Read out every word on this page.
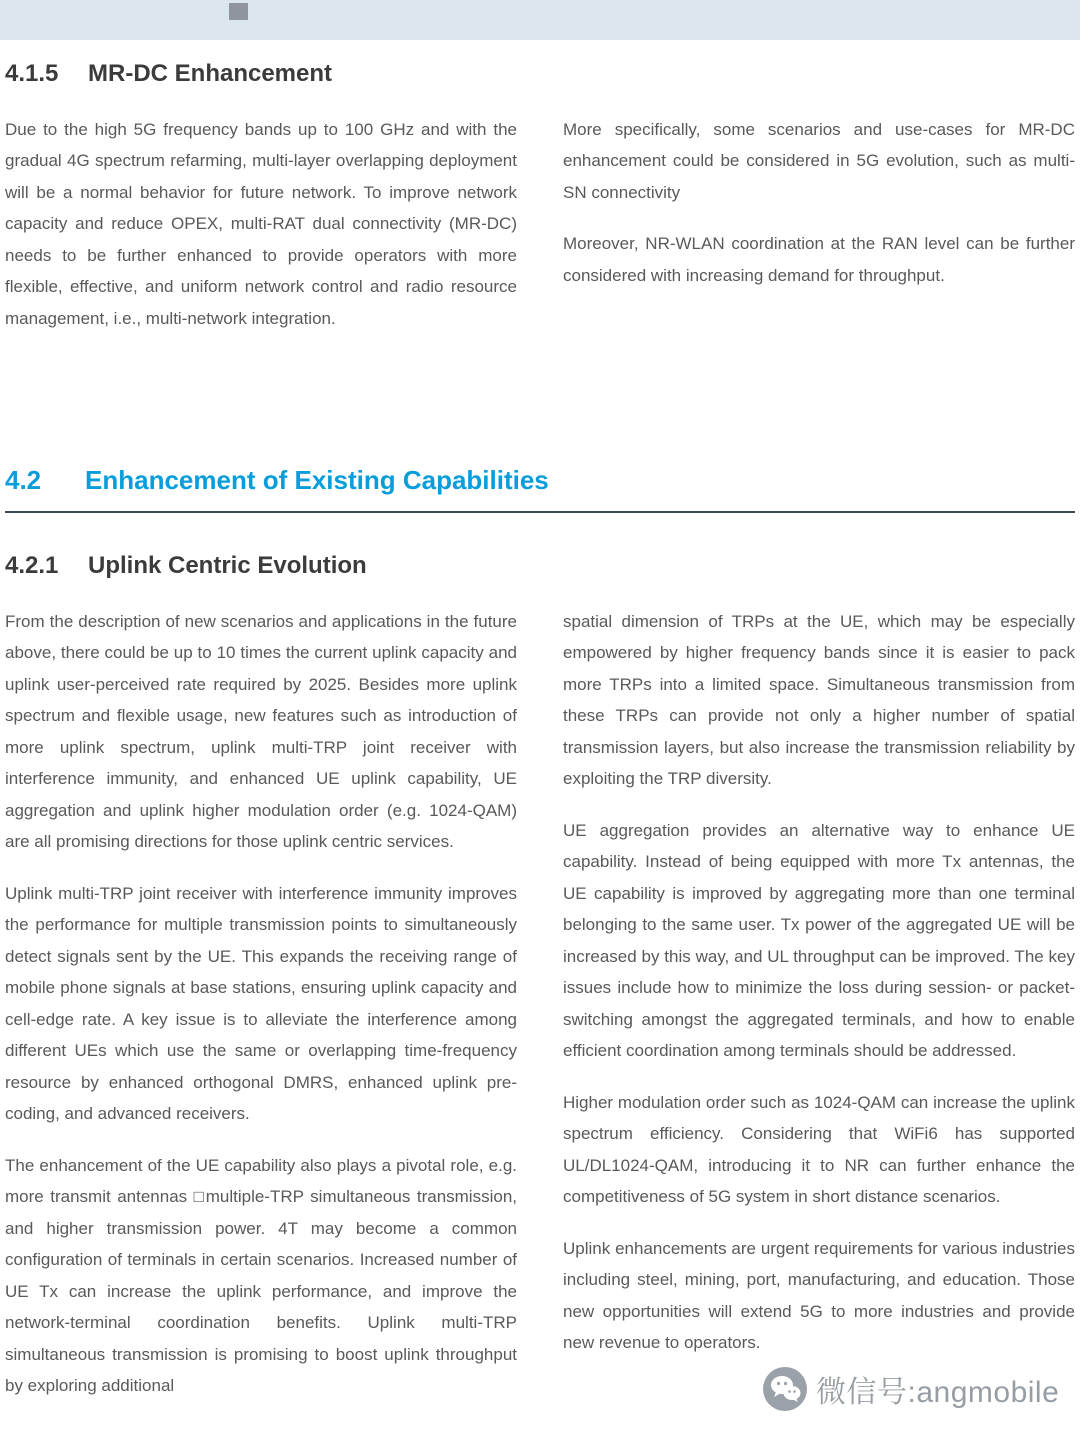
4.1.5	MR-DC Enhancement

Due to the high 5G frequency bands up to 100 GHz and with the gradual 4G spectrum refarming, multi-layer overlapping deployment will be a normal behavior for future network. To improve network capacity and reduce OPEX, multi-RAT dual connectivity (MR-DC) needs to be further enhanced to provide operators with more flexible, effective, and uniform network control and radio resource management, i.e., multi-network integration.

More specifically, some scenarios and use-cases for MR-DC enhancement could be considered in 5G evolution, such as multi-SN connectivity

Moreover, NR-WLAN coordination at the RAN level can be further considered with increasing demand for throughput.

4.2	Enhancement of Existing Capabilities
4.2.1	Uplink Centric Evolution

From the description of new scenarios and applications in the future above, there could be up to 10 times the current uplink capacity and uplink user-perceived rate required by 2025. Besides more uplink spectrum and flexible usage, new features such as introduction of more uplink spectrum, uplink multi-TRP joint receiver with interference immunity, and enhanced UE uplink capability, UE aggregation and uplink higher modulation order (e.g. 1024-QAM) are all promising directions for those uplink centric services.

Uplink multi-TRP joint receiver with interference immunity improves the performance for multiple transmission points to simultaneously detect signals sent by the UE. This expands the receiving range of mobile phone signals at base stations, ensuring uplink capacity and cell-edge rate. A key issue is to alleviate the interference among different UEs which use the same or overlapping time-frequency resource by enhanced orthogonal DMRS, enhanced uplink pre-coding, and advanced receivers.

The enhancement of the UE capability also plays a pivotal role, e.g. more transmit antennas □multiple-TRP simultaneous transmission, and higher transmission power. 4T may become a common configuration of terminals in certain scenarios. Increased number of UE Tx can increase the uplink performance, and improve the network-terminal coordination benefits. Uplink multi-TRP simultaneous transmission is promising to boost uplink throughput by exploring additional

spatial dimension of TRPs at the UE, which may be especially empowered by higher frequency bands since it is easier to pack more TRPs into a limited space. Simultaneous transmission from these TRPs can provide not only a higher number of spatial transmission layers, but also increase the transmission reliability by exploiting the TRP diversity.

UE aggregation provides an alternative way to enhance UE capability. Instead of being equipped with more Tx antennas, the UE capability is improved by aggregating more than one terminal belonging to the same user. Tx power of the aggregated UE will be increased by this way, and UL throughput can be improved. The key issues include how to minimize the loss during session- or packet-switching amongst the aggregated terminals, and how to enable efficient coordination among terminals should be addressed.

Higher modulation order such as 1024-QAM can increase the uplink spectrum efficiency. Considering that WiFi6 has supported UL/DL1024-QAM, introducing it to NR can further enhance the competitiveness of 5G system in short distance scenarios.

Uplink enhancements are urgent requirements for various industries including steel, mining, port, manufacturing, and education. Those new opportunities will extend 5G to more industries and provide new revenue to operators.

微信号:angmobile
